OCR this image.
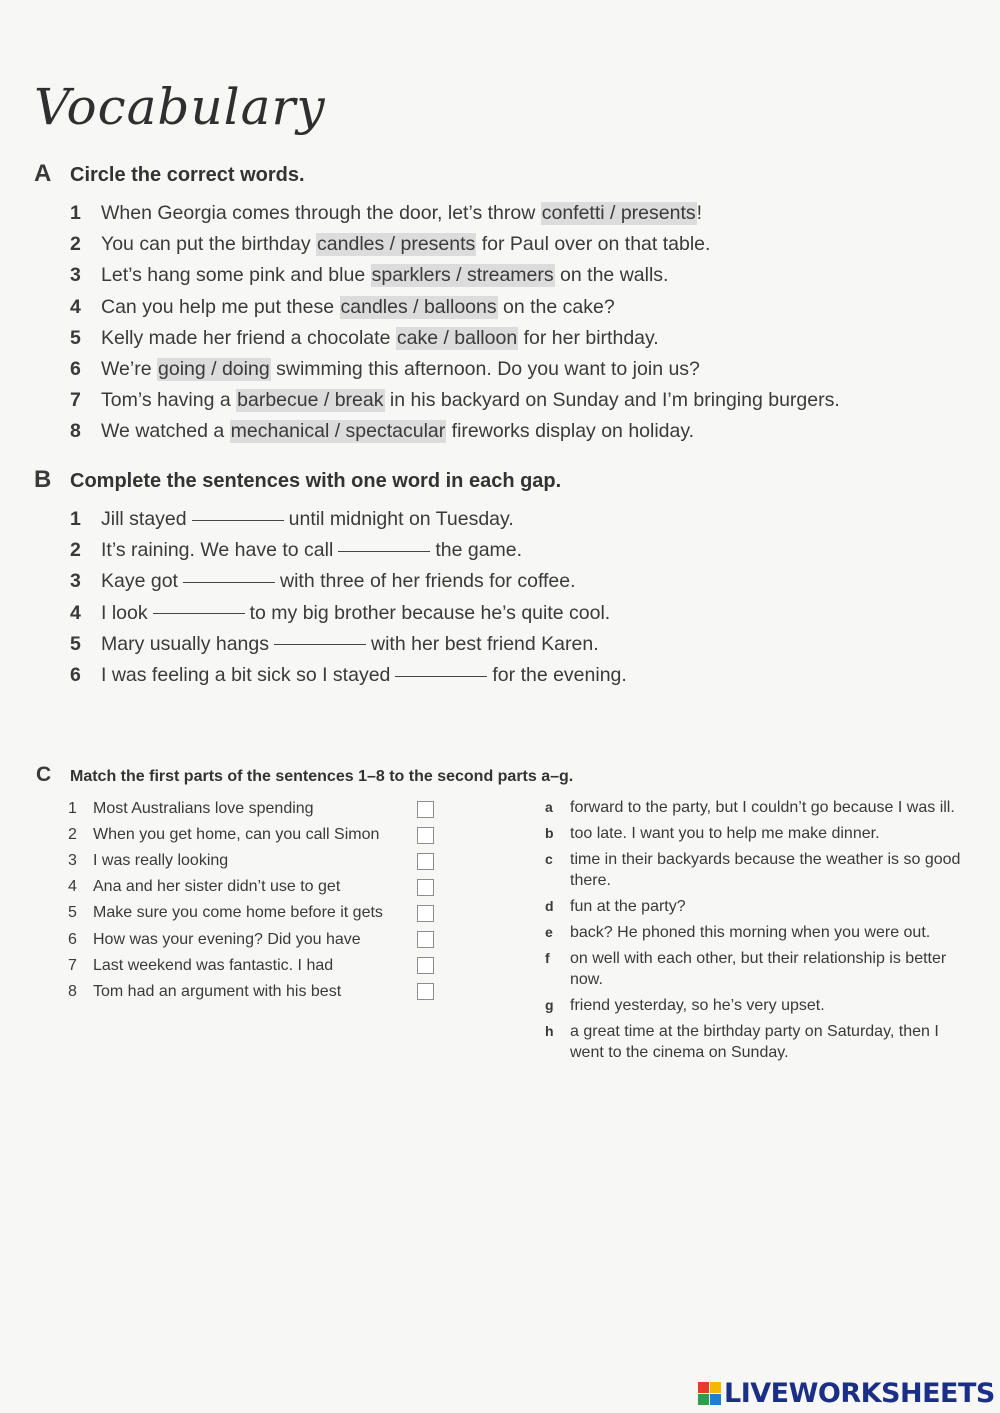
Vocabulary
A Circle the correct words.
1	When Georgia comes through the door, let’s throw confetti / presents !
2	You can put the birthday candles / presents for Paul over on that table.
3	Let’s hang some pink and blue sparklers / streamers on the walls.
4	Can you help me put these candles / balloons on the cake?
5	Kelly made her friend a chocolate cake / balloon for her birthday.
6	We’re going / doing swimming this afternoon. Do you want to join us?
7	Tom’s having a barbecue / break in his backyard on Sunday and I’m bringing burgers.
8	We watched a mechanical / spectacular fireworks display on holiday.
B Complete the sentences with one word in each gap.
1	Jill stayed	until midnight on Tuesday.
2	It’s raining. We have to call	the game.
3	Kaye got	with three of her friends for coffee.
4	I look	to my big brother because he’s quite cool.
5	Mary usually hangs	with her best friend Karen.
6	I was feeling a bit sick so I stayed	for the evening.
C	Match the first parts of the sentences 1–8 to the second parts a–g.
1	Most Australians love spending
2	When you get home, can you call Simon
3	I was really looking
4	Ana and her sister didn’t use to get
5	Make sure you come home before it gets
6	How was your evening? Did you have
7	Last weekend was fantastic. I had
8	Tom had an argument with his best
a	forward to the party, but I couldn’t go because I was ill.
b	too late. I want you to help me make dinner.
c	time in their backyards because the weather is so good there.
d	fun at the party?
e	back? He phoned this morning when you were out.
f	on well with each other, but their relationship is better now.
g	friend yesterday, so he’s very upset.
h	a great time at the birthday party on Saturday, then I went to the cinema on Sunday.
LIVEWORKSHEETS
